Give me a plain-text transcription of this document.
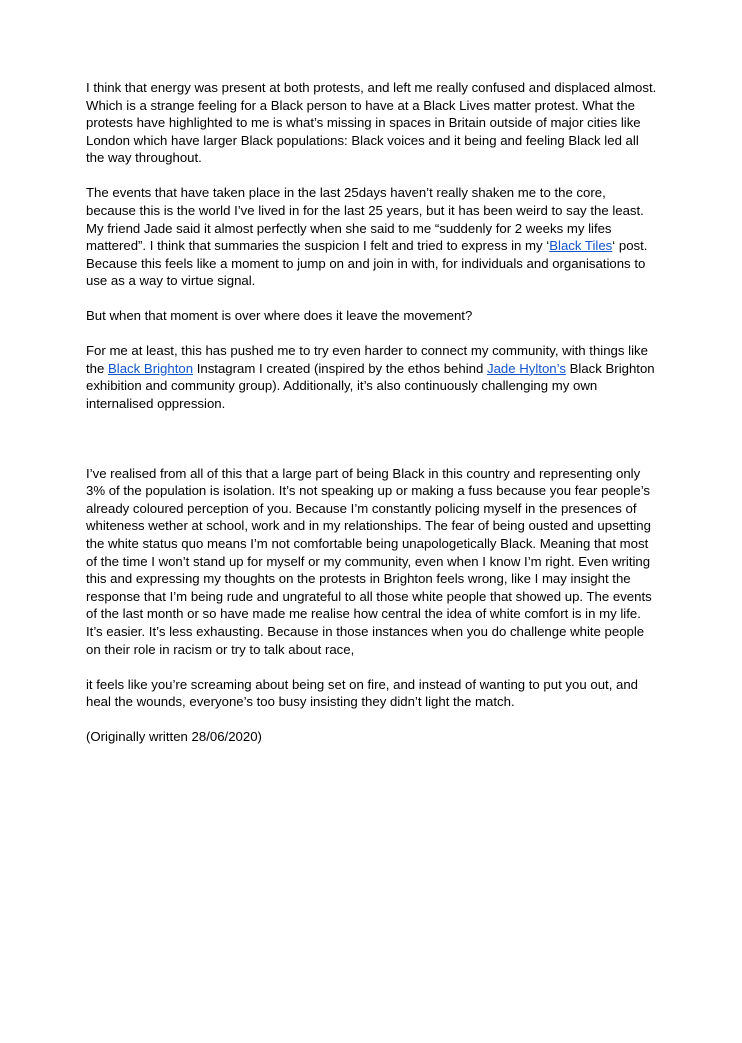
I think that energy was present at both protests, and left me really confused and displaced almost. Which is a strange feeling for a Black person to have at a Black Lives matter protest. What the protests have highlighted to me is what’s missing in spaces in Britain outside of major cities like London which have larger Black populations: Black voices and it being and feeling Black led all the way throughout.

The events that have taken place in the last 25days haven’t really shaken me to the core, because this is the world I’ve lived in for the last 25 years, but it has been weird to say the least. My friend Jade said it almost perfectly when she said to me “suddenly for 2 weeks my lifes mattered”. I think that summaries the suspicion I felt and tried to express in my ‘Black Tiles‘ post. Because this feels like a moment to jump on and join in with, for individuals and organisations to use as a way to virtue signal.

But when that moment is over where does it leave the movement?

For me at least, this has pushed me to try even harder to connect my community, with things like the Black Brighton Instagram I created (inspired by the ethos behind Jade Hylton’s Black Brighton exhibition and community group). Additionally, it’s also continuously challenging my own internalised oppression.

I’ve realised from all of this that a large part of being Black in this country and representing only 3% of the population is isolation. It’s not speaking up or making a fuss because you fear people’s already coloured perception of you. Because I’m constantly policing myself in the presences of whiteness wether at school, work and in my relationships. The fear of being ousted and upsetting the white status quo means I’m not comfortable being unapologetically Black. Meaning that most of the time I won’t stand up for myself or my community, even when I know I’m right. Even writing this and expressing my thoughts on the protests in Brighton feels wrong, like I may insight the response that I’m being rude and ungrateful to all those white people that showed up. The events of the last month or so have made me realise how central the idea of white comfort is in my life. It’s easier. It’s less exhausting. Because in those instances when you do challenge white people on their role in racism or try to talk about race,

it feels like you’re screaming about being set on fire, and instead of wanting to put you out, and heal the wounds, everyone’s too busy insisting they didn’t light the match.

(Originally written 28/06/2020)
